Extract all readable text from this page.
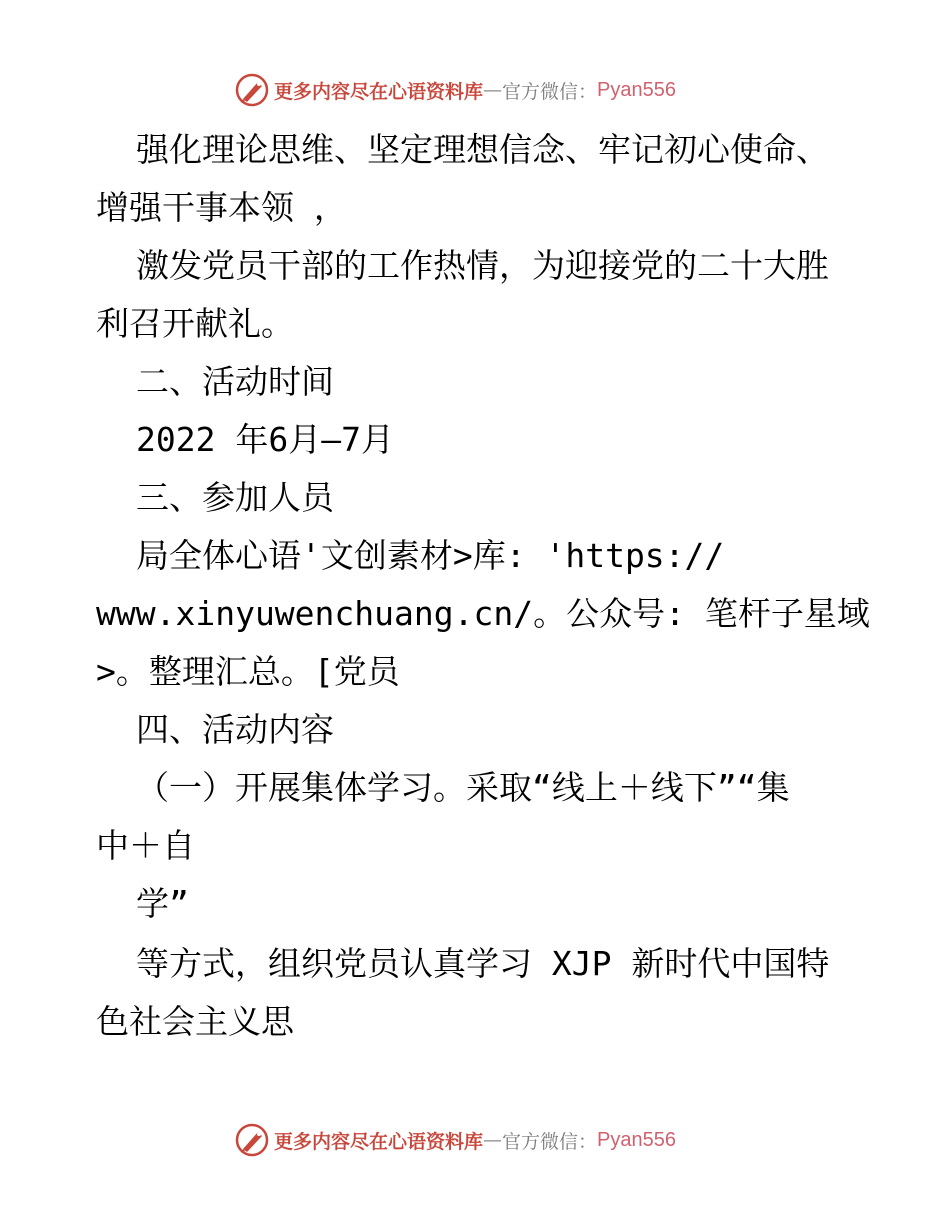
更多内容尽在心语资料库 — 官方微信： Pyan556
强化理论思维、坚定理想信念、牢记初心使命、
增强干事本领 ，
激发党员干部的工作热情，为迎接党的二十大胜
利召开献礼。
二、活动时间
2022 年6月—7月
三、参加人员
局全体心语'文创素材>库: 'https://
www.xinyuwenchuang.cn/。公众号: 笔杆子星域
>。整理汇总。[党员
四、活动内容
（一）开展集体学习。采取“线上＋线下”“集
中＋自
学”
等方式，组织党员认真学习 XJP 新时代中国特
色社会主义思
更多内容尽在心语资料库 — 官方微信： Pyan556
